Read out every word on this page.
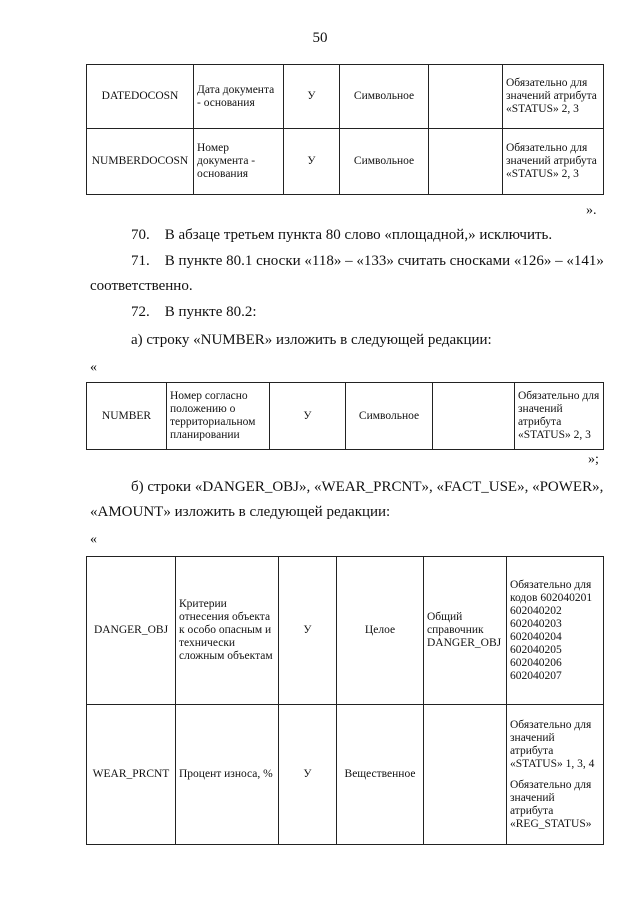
50
DATEDOCOSN	Дата документа - основания	У	Символьное		Обязательно для значений атрибута «STATUS» 2, 3
NUMBERDOCOSN	Номер документа - основания	У	Символьное		Обязательно для значений атрибута «STATUS» 2, 3
».
70. В абзаце третьем пункта 80 слово «площадной,» исключить.
71. В пункте 80.1 сноски «118» – «133» считать сносками «126» – «141»
соответственно.
72. В пункте 80.2:
а) строку «NUMBER» изложить в следующей редакции:
«
NUMBER	Номер согласно положению о территориальном планировании	У	Символьное		Обязательно для значений атрибута «STATUS» 2, 3
»;
б) строки «DANGER_OBJ», «WEAR_PRCNT», «FACT_USE», «POWER»,
«AMOUNT» изложить в следующей редакции:
«
DANGER_OBJ	Критерии отнесения объекта к особо опасным и технически сложным объектам	У	Целое	Общий справочник DANGER_OBJ	Обязательно для кодов 602040201 602040202 602040203 602040204 602040205 602040206 602040207
WEAR_PRCNT	Процент износа, %	У	Вещественное		Обязательно для значений атрибута «STATUS» 1, 3, 4
Обязательно для значений атрибута «REG_STATUS»
